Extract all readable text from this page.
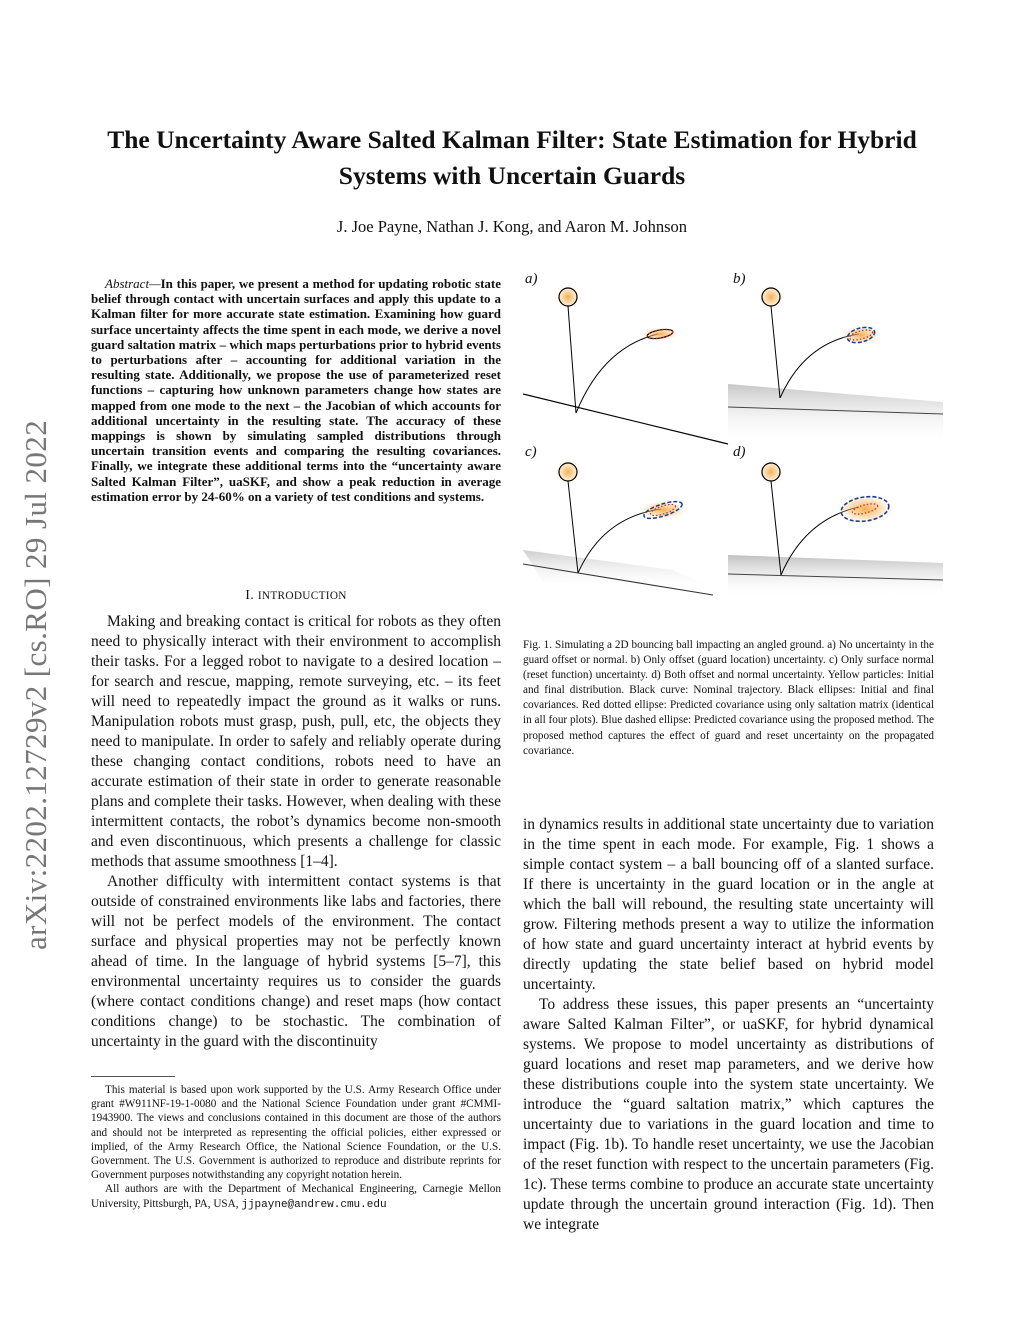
The Uncertainty Aware Salted Kalman Filter: State Estimation for Hybrid Systems with Uncertain Guards
J. Joe Payne, Nathan J. Kong, and Aaron M. Johnson
arXiv:2202.12729v2 [cs.RO] 29 Jul 2022
Abstract—In this paper, we present a method for updating robotic state belief through contact with uncertain surfaces and apply this update to a Kalman filter for more accurate state estimation. Examining how guard surface uncertainty affects the time spent in each mode, we derive a novel guard saltation matrix – which maps perturbations prior to hybrid events to perturbations after – accounting for additional variation in the resulting state. Additionally, we propose the use of parameterized reset functions – capturing how unknown parameters change how states are mapped from one mode to the next – the Jacobian of which accounts for additional uncertainty in the resulting state. The accuracy of these mappings is shown by simulating sampled distributions through uncertain transition events and comparing the resulting covariances. Finally, we integrate these additional terms into the “uncertainty aware Salted Kalman Filter”, uaSKF, and show a peak reduction in average estimation error by 24-60% on a variety of test conditions and systems.
I. INTRODUCTION

Making and breaking contact is critical for robots as they often need to physically interact with their environment to accomplish their tasks. For a legged robot to navigate to a desired location – for search and rescue, mapping, remote surveying, etc. – its feet will need to repeatedly impact the ground as it walks or runs. Manipulation robots must grasp, push, pull, etc, the objects they need to manipulate. In order to safely and reliably operate during these changing contact conditions, robots need to have an accurate estimation of their state in order to generate reasonable plans and complete their tasks. However, when dealing with these intermittent contacts, the robot’s dynamics become non-smooth and even discontinuous, which presents a challenge for classic methods that assume smoothness [1–4].

Another difficulty with intermittent contact systems is that outside of constrained environments like labs and factories, there will not be perfect models of the environment. The contact surface and physical properties may not be perfectly known ahead of time. In the language of hybrid systems [5–7], this environmental uncertainty requires us to consider the guards (where contact conditions change) and reset maps (how contact conditions change) to be stochastic. The combination of uncertainty in the guard with the discontinuity

This material is based upon work supported by the U.S. Army Research Office under grant #W911NF-19-1-0080 and the National Science Foundation under grant #CMMI-1943900. The views and conclusions contained in this document are those of the authors and should not be interpreted as representing the official policies, either expressed or implied, of the Army Research Office, the National Science Foundation, or the U.S. Government. The U.S. Government is authorized to reproduce and distribute reprints for Government purposes notwithstanding any copyright notation herein.

All authors are with the Department of Mechanical Engineering, Carnegie Mellon University, Pittsburgh, PA, USA, jjpayne@andrew.cmu.edu

a)	b)
c)	d)
Fig. 1. Simulating a 2D bouncing ball impacting an angled ground. a) No uncertainty in the guard offset or normal. b) Only offset (guard location) uncertainty. c) Only surface normal (reset function) uncertainty. d) Both offset and normal uncertainty. Yellow particles: Initial and final distribution. Black curve: Nominal trajectory. Black ellipses: Initial and final covariances. Red dotted ellipse: Predicted covariance using only saltation matrix (identical in all four plots). Blue dashed ellipse: Predicted covariance using the proposed method. The proposed method captures the effect of guard and reset uncertainty on the propagated covariance.

in dynamics results in additional state uncertainty due to variation in the time spent in each mode. For example, Fig. 1 shows a simple contact system – a ball bouncing off of a slanted surface. If there is uncertainty in the guard location or in the angle at which the ball will rebound, the resulting state uncertainty will grow. Filtering methods present a way to utilize the information of how state and guard uncertainty interact at hybrid events by directly updating the state belief based on hybrid model uncertainty.

To address these issues, this paper presents an “uncertainty aware Salted Kalman Filter”, or uaSKF, for hybrid dynamical systems. We propose to model uncertainty as distributions of guard locations and reset map parameters, and we derive how these distributions couple into the system state uncertainty. We introduce the “guard saltation matrix,” which captures the uncertainty due to variations in the guard location and time to impact (Fig. 1b). To handle reset uncertainty, we use the Jacobian of the reset function with respect to the uncertain parameters (Fig. 1c). These terms combine to produce an accurate state uncertainty update through the uncertain ground interaction (Fig. 1d). Then we integrate
